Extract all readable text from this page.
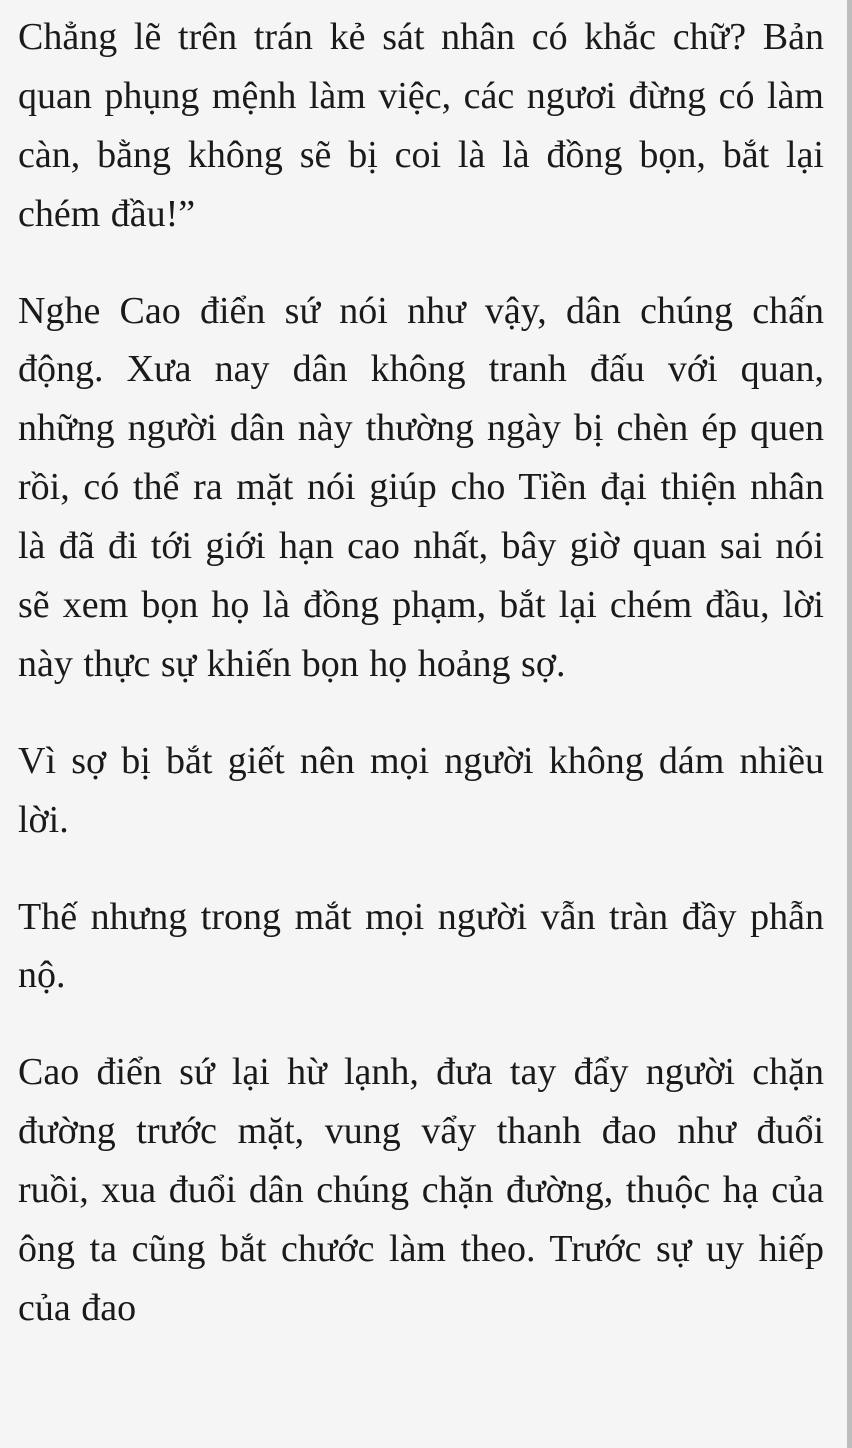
Chẳng lẽ trên trán kẻ sát nhân có khắc chữ? Bản quan phụng mệnh làm việc, các ngươi đừng có làm càn, bằng không sẽ bị coi là là đồng bọn, bắt lại chém đầu!”

Nghe Cao điển sứ nói như vậy, dân chúng chấn động. Xưa nay dân không tranh đấu với quan, những người dân này thường ngày bị chèn ép quen rồi, có thể ra mặt nói giúp cho Tiền đại thiện nhân là đã đi tới giới hạn cao nhất, bây giờ quan sai nói sẽ xem bọn họ là đồng phạm, bắt lại chém đầu, lời này thực sự khiến bọn họ hoảng sợ.

Vì sợ bị bắt giết nên mọi người không dám nhiều lời.

Thế nhưng trong mắt mọi người vẫn tràn đầy phẫn nộ.

Cao điển sứ lại hừ lạnh, đưa tay đẩy người chặn đường trước mặt, vung vẩy thanh đao như đuổi ruồi, xua đuổi dân chúng chặn đường, thuộc hạ của ông ta cũng bắt chước làm theo. Trước sự uy hiếp của đao
